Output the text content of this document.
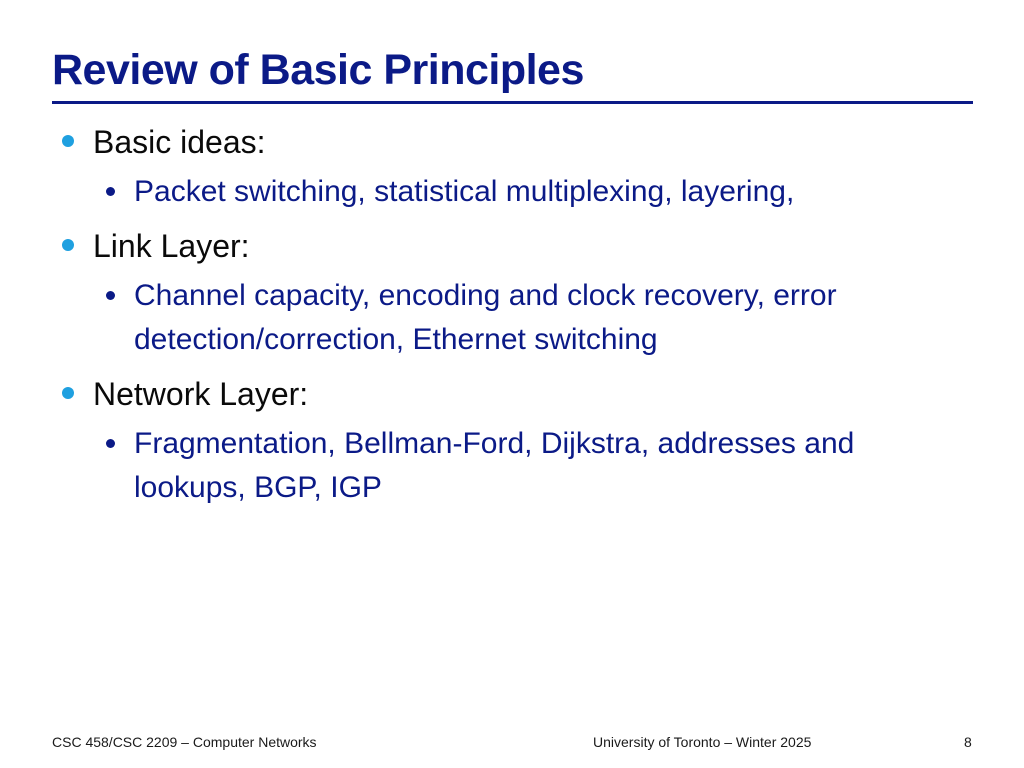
Review of Basic Principles
Basic ideas:
Packet switching, statistical multiplexing, layering,
Link Layer:
Channel capacity, encoding and clock recovery, error detection/correction, Ethernet switching
Network Layer:
Fragmentation, Bellman-Ford, Dijkstra, addresses and lookups, BGP, IGP
CSC 458/CSC 2209 – Computer Networks	University of Toronto – Winter 2025	8
